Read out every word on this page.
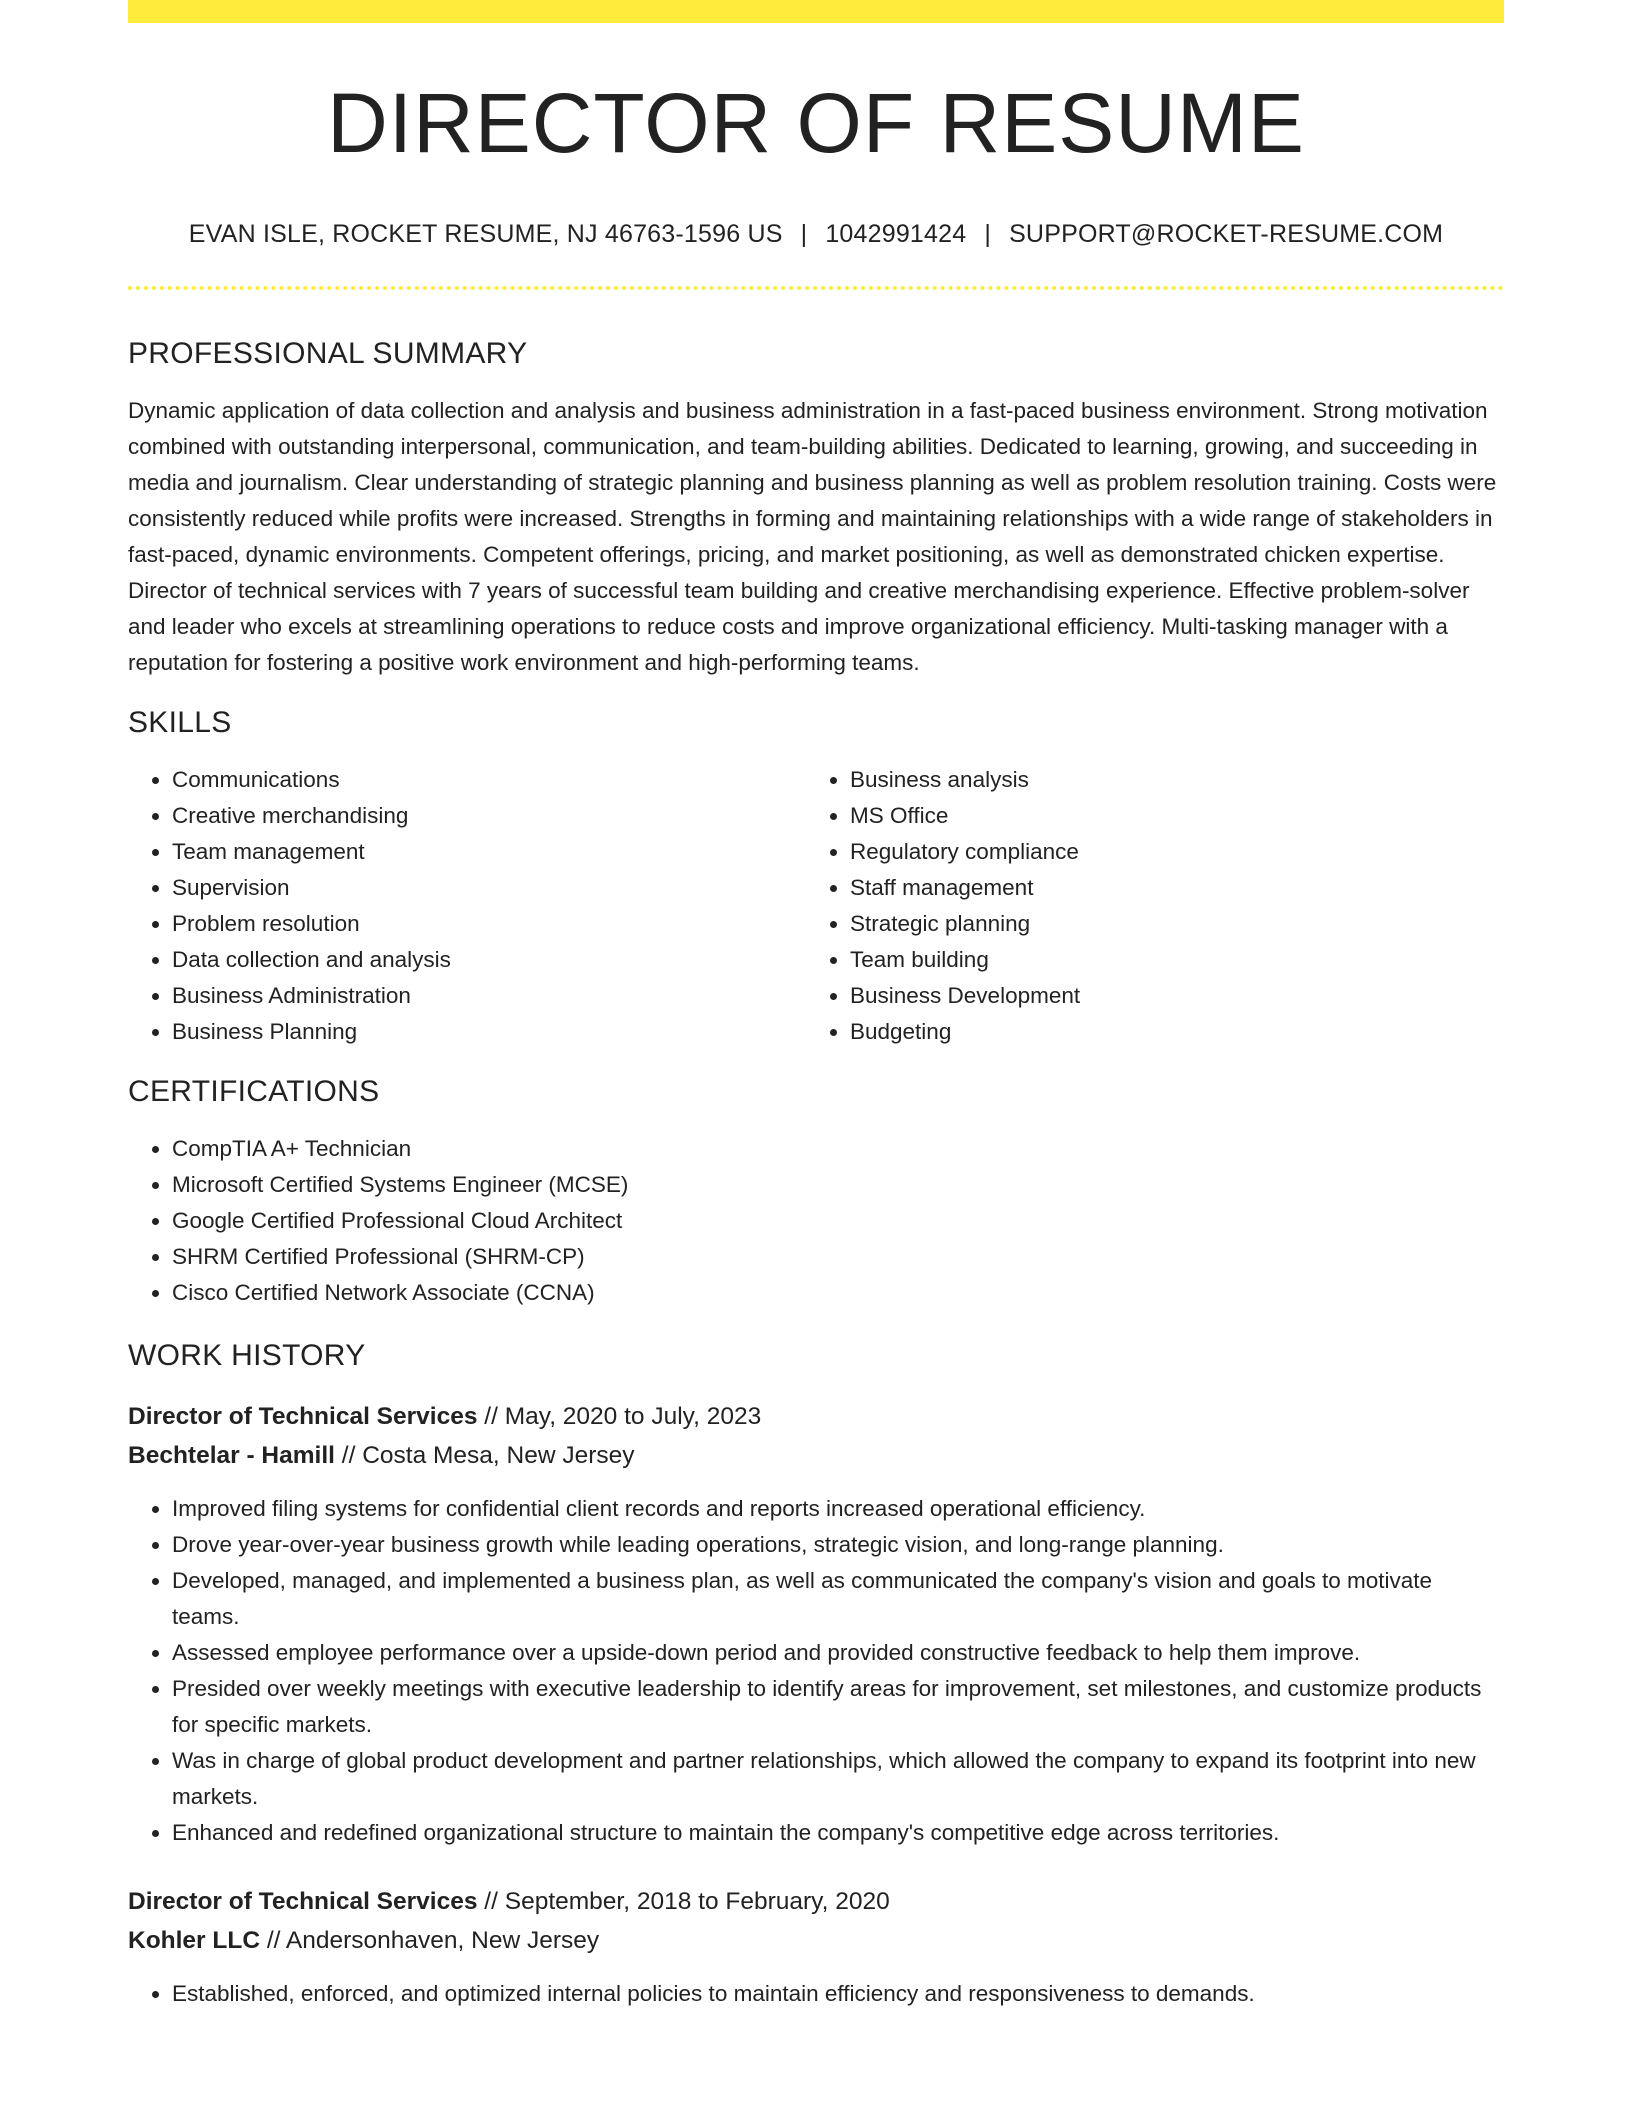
DIRECTOR OF RESUME
EVAN ISLE, ROCKET RESUME, NJ 46763-1596 US | 1042991424 | SUPPORT@ROCKET-RESUME.COM
PROFESSIONAL SUMMARY
Dynamic application of data collection and analysis and business administration in a fast-paced business environment. Strong motivation combined with outstanding interpersonal, communication, and team-building abilities. Dedicated to learning, growing, and succeeding in media and journalism. Clear understanding of strategic planning and business planning as well as problem resolution training. Costs were consistently reduced while profits were increased. Strengths in forming and maintaining relationships with a wide range of stakeholders in fast-paced, dynamic environments. Competent offerings, pricing, and market positioning, as well as demonstrated chicken expertise. Director of technical services with 7 years of successful team building and creative merchandising experience. Effective problem-solver and leader who excels at streamlining operations to reduce costs and improve organizational efficiency. Multi-tasking manager with a reputation for fostering a positive work environment and high-performing teams.
SKILLS
• Communications
• Creative merchandising
• Team management
• Supervision
• Problem resolution
• Data collection and analysis
• Business Administration
• Business Planning
• Business analysis
• MS Office
• Regulatory compliance
• Staff management
• Strategic planning
• Team building
• Business Development
• Budgeting
CERTIFICATIONS
• CompTIA A+ Technician
• Microsoft Certified Systems Engineer (MCSE)
• Google Certified Professional Cloud Architect
• SHRM Certified Professional (SHRM-CP)
• Cisco Certified Network Associate (CCNA)
WORK HISTORY
Director of Technical Services // May, 2020 to July, 2023
Bechtelar - Hamill // Costa Mesa, New Jersey
• Improved filing systems for confidential client records and reports increased operational efficiency.
• Drove year-over-year business growth while leading operations, strategic vision, and long-range planning.
• Developed, managed, and implemented a business plan, as well as communicated the company's vision and goals to motivate teams.
• Assessed employee performance over a upside-down period and provided constructive feedback to help them improve.
• Presided over weekly meetings with executive leadership to identify areas for improvement, set milestones, and customize products for specific markets.
• Was in charge of global product development and partner relationships, which allowed the company to expand its footprint into new markets.
• Enhanced and redefined organizational structure to maintain the company's competitive edge across territories.
Director of Technical Services // September, 2018 to February, 2020
Kohler LLC // Andersonhaven, New Jersey
• Established, enforced, and optimized internal policies to maintain efficiency and responsiveness to demands.
